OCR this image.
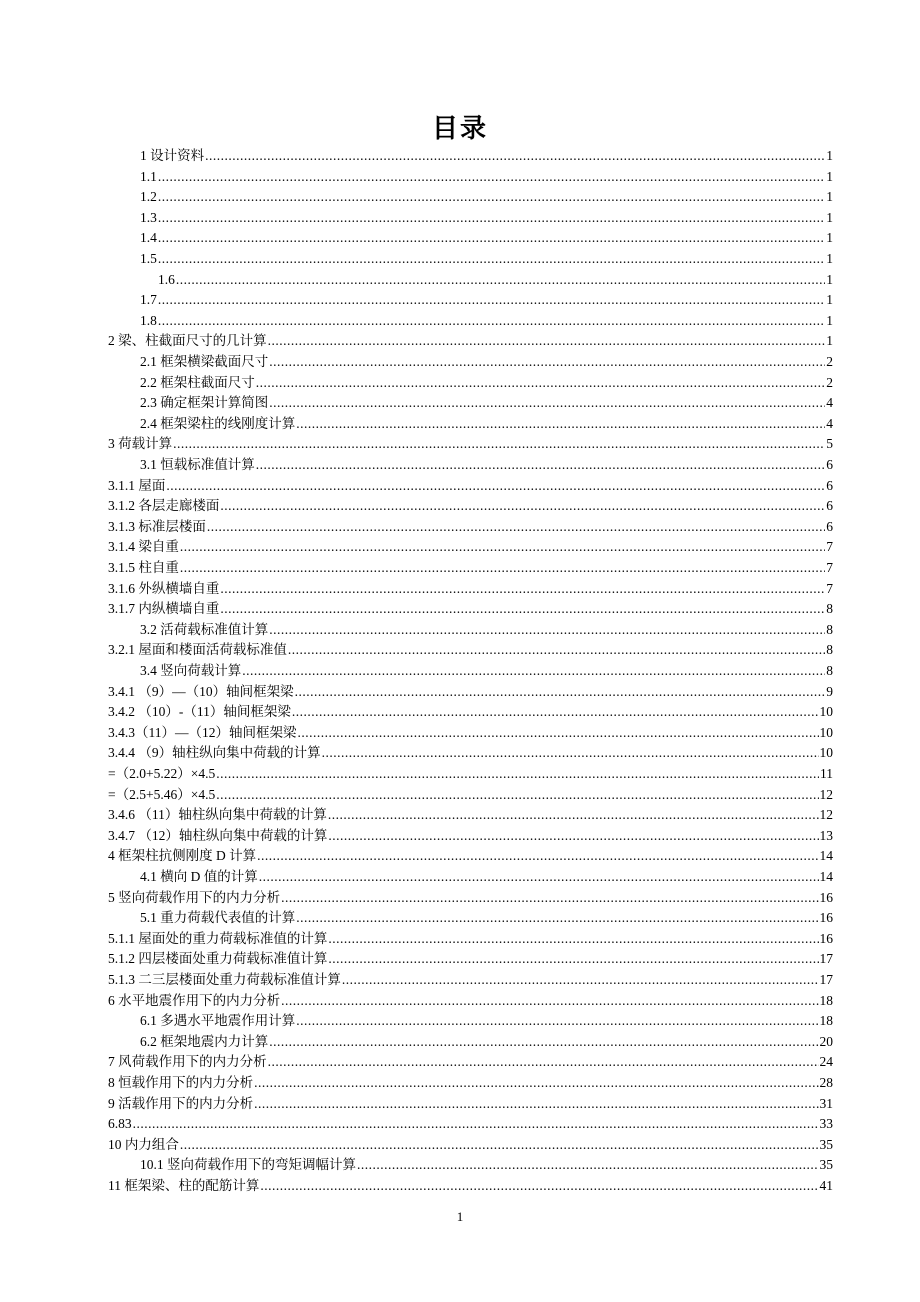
目录
1 设计资料 .....	1
1.1 .....	1
1.2 .....	1
1.3 .....	1
1.4 .....	1
1.5 .....	1
1.6 .....	1
1.7 .....	1
1.8 .....	1
2 梁、柱截面尺寸的几计算 .....	1
2.1 框架横梁截面尺寸 .....	2
2.2 框架柱截面尺寸 .....	2
2.3 确定框架计算简图 .....	4
2.4 框架梁柱的线刚度计算 .....	4
3 荷载计算 .....	5
3.1 恒载标准值计算 .....	6
3.1.1 屋面 .....	6
3.1.2 各层走廊楼面 .....	6
3.1.3 标准层楼面 .....	6
3.1.4 梁自重 .....	7
3.1.5 柱自重 .....	7
3.1.6 外纵横墙自重 .....	7
3.1.7 内纵横墙自重 .....	8
3.2 活荷载标准值计算 .....	8
3.2.1 屋面和楼面活荷载标准值 .....	8
3.4 竖向荷载计算 .....	8
3.4.1 （9）—（10）轴间框架梁 .....	9
3.4.2 （10）-（11）轴间框架梁 .....	10
3.4.3（11）—（12）轴间框架梁 .....	10
3.4.4 （9）轴柱纵向集中荷载的计算 .....	10
=（2.0+5.22）×4.5 .....	11
=（2.5+5.46）×4.5 .....	12
3.4.6 （11）轴柱纵向集中荷载的计算 .....	12
3.4.7 （12）轴柱纵向集中荷载的计算 .....	13
4 框架柱抗侧刚度 D 计算 .....	14
4.1 横向 D 值的计算 .....	14
5 竖向荷载作用下的内力分析 .....	16
5.1 重力荷载代表值的计算 .....	16
5.1.1 屋面处的重力荷载标准值的计算 .....	16
5.1.2 四层楼面处重力荷载标准值计算 .....	17
5.1.3 二三层楼面处重力荷载标准值计算 .....	17
6 水平地震作用下的内力分析 .....	18
6.1 多遇水平地震作用计算 .....	18
6.2 框架地震内力计算 .....	20
7 风荷载作用下的内力分析 .....	24
8 恒载作用下的内力分析 .....	28
9 活载作用下的内力分析 .....	31
6.83 .....	33
10 内力组合 .....	35
10.1 竖向荷载作用下的弯矩调幅计算 .....	35
11 框架梁、柱的配筋计算 .....	41
1
